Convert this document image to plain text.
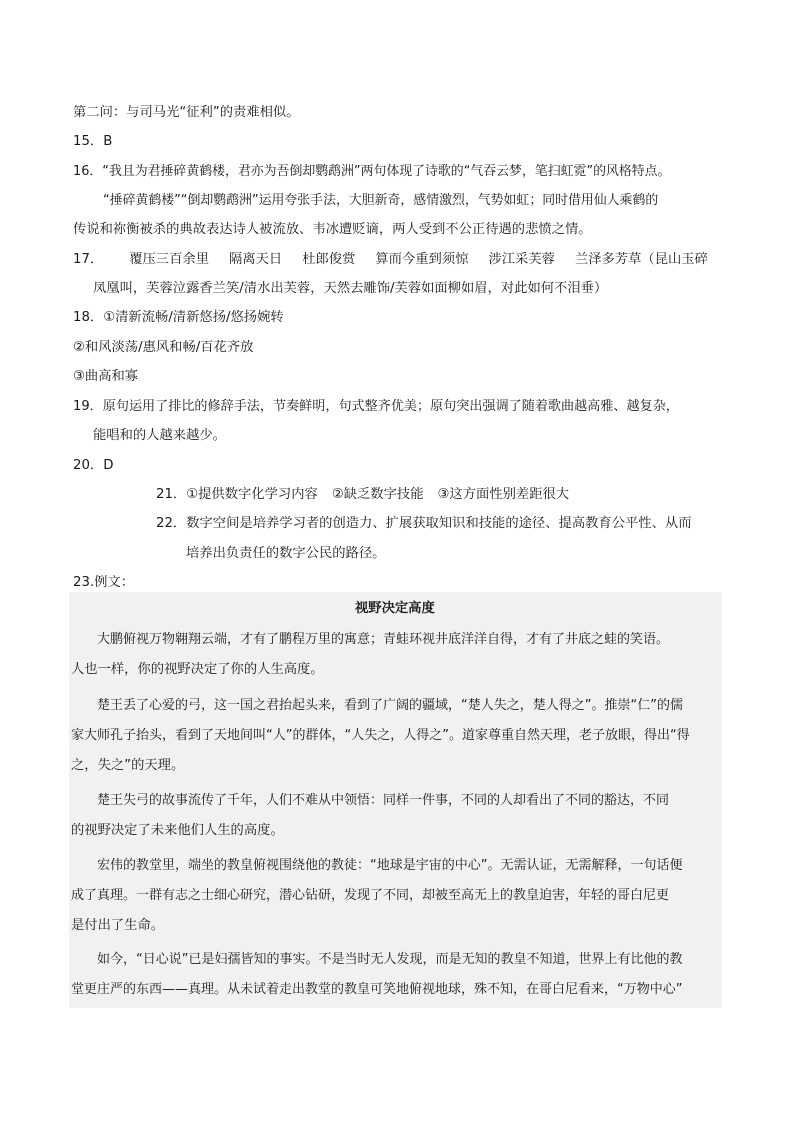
第二问：与司马光“征利”的责难相似。
15．B
16．“我且为君捶碎黄鹤楼，君亦为吾倒却鹦鹉洲”两句体现了诗歌的“气吞云梦，笔扫虹霓”的风格特点。
“捶碎黄鹤楼”“倒却鹦鹉洲”运用夸张手法，大胆新奇，感情激烈，气势如虹；同时借用仙人乘鹤的
传说和祢衡被杀的典故表达诗人被流放、韦冰遭贬谪，两人受到不公正待遇的悲愤之情。
17． 覆压三百余里 隔离天日 杜郎俊赏 算而今重到须惊 涉江采芙蓉 兰泽多芳草（昆山玉碎
凤凰叫，芙蓉泣露香兰笑/清水出芙蓉，天然去雕饰/芙蓉如面柳如眉，对此如何不泪垂）
18．①清新流畅/清新悠扬/悠扬婉转
②和风淡荡/惠风和畅/百花齐放
③曲高和寡
19．原句运用了排比的修辞手法，节奏鲜明，句式整齐优美；原句突出强调了随着歌曲越高雅、越复杂，
能唱和的人越来越少。
20．D
21．①提供数字化学习内容 ②缺乏数字技能 ③这方面性别差距很大
22．数字空间是培养学习者的创造力、扩展获取知识和技能的途径、提高教育公平性、从而
培养出负责任的数字公民的路径。
23.例文：
视野决定高度
大鹏俯视万物翱翔云端，才有了鹏程万里的寓意；青蛙环视井底洋洋自得，才有了井底之蛙的笑语。
人也一样，你的视野决定了你的人生高度。
楚王丢了心爱的弓，这一国之君抬起头来，看到了广阔的疆域，“楚人失之，楚人得之”。推崇“仁”的儒
家大师孔子抬头，看到了天地间叫“人”的群体，“人失之，人得之”。道家尊重自然天理，老子放眼，得出“得
之，失之”的天理。
楚王失弓的故事流传了千年，人们不难从中领悟：同样一件事，不同的人却看出了不同的豁达，不同
的视野决定了未来他们人生的高度。
宏伟的教堂里，端坐的教皇俯视围绕他的教徒：“地球是宇宙的中心”。无需认证，无需解释，一句话便
成了真理。一群有志之士细心研究，潜心钻研，发现了不同，却被至高无上的教皇迫害，年轻的哥白尼更
是付出了生命。
如今，“日心说”已是妇孺皆知的事实。不是当时无人发现，而是无知的教皇不知道，世界上有比他的教
堂更庄严的东西——真理。从未试着走出教堂的教皇可笑地俯视地球，殊不知，在哥白尼看来，“万物中心”
